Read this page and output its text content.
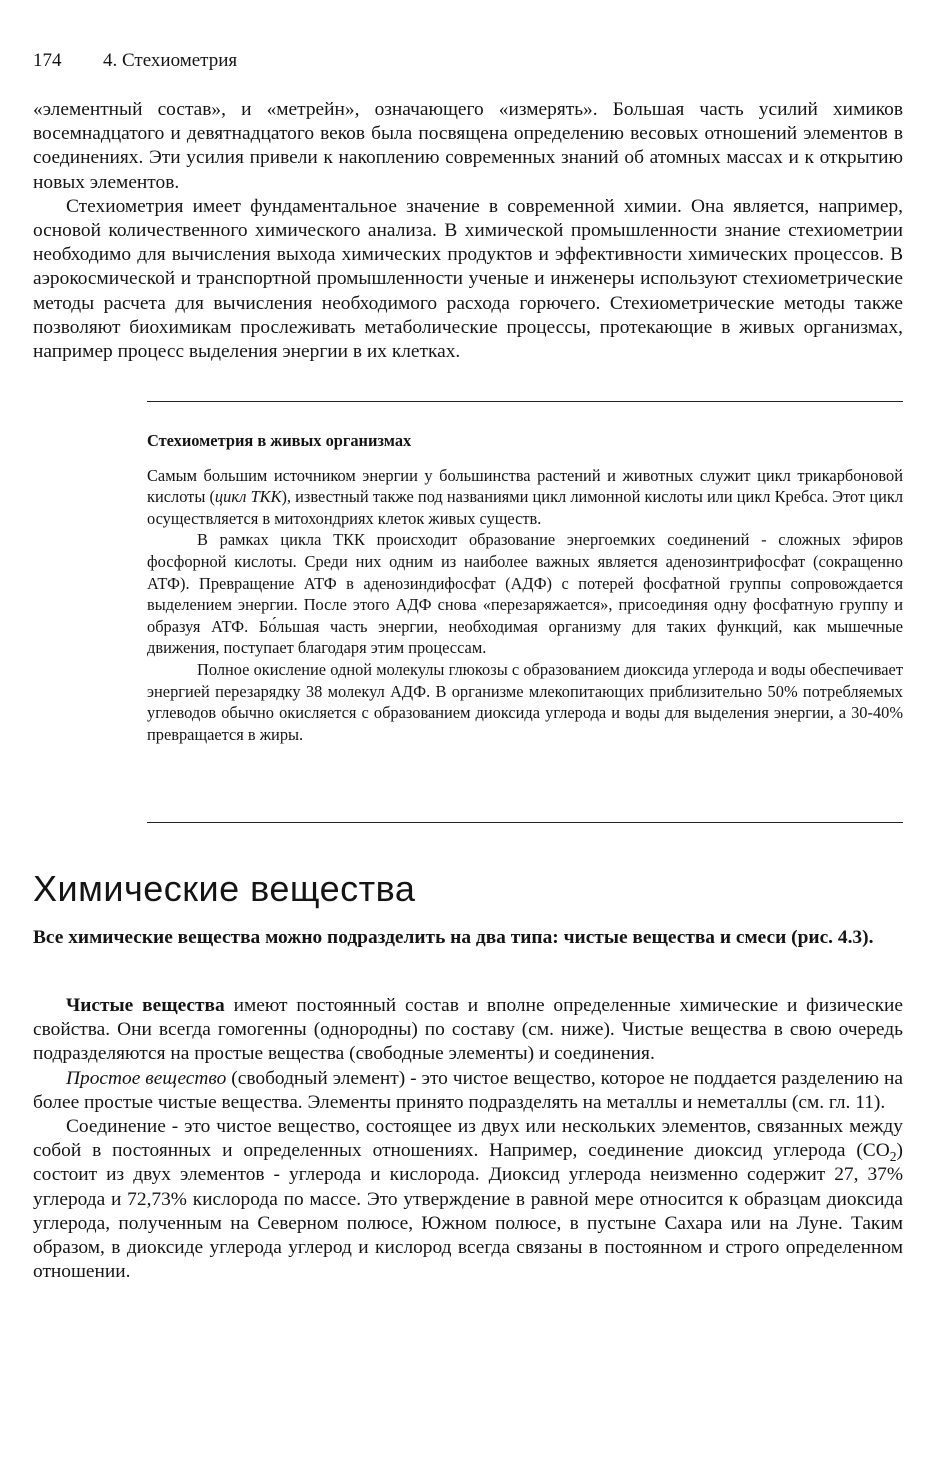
174 4. Стехиометрия

«элементный состав», и «метрейн», означающего «измерять». Большая часть усилий химиков восемнадцатого и девятнадцатого веков была посвящена определению весовых отношений элементов в соединениях. Эти усилия привели к накоплению современных знаний об атомных массах и к открытию новых элементов.

Стехиометрия имеет фундаментальное значение в современной химии. Она является, например, основой количественного химического анализа. В химической промышленности знание стехиометрии необходимо для вычисления выхода химических продуктов и эффективности химических процессов. В аэрокосмической и транспортной промышленности ученые и инженеры используют стехиометрические методы расчета для вычисления необходимого расхода горючего. Стехиометрические методы также позволяют биохимикам прослеживать метаболические процессы, протекающие в живых организмах, например процесс выделения энергии в их клетках.

Стехиометрия в живых организмах

Самым большим источником энергии у большинства растений и животных служит цикл трикарбоновой кислоты (цикл ТКК), известный также под названиями цикл лимонной кислоты или цикл Кребса. Этот цикл осуществляется в митохондриях клеток живых существ.

В рамках цикла ТКК происходит образование энергоемких соединений - сложных эфиров фосфорной кислоты. Среди них одним из наиболее важных является аденозинтрифосфат (сокращенно АТФ). Превращение АТФ в аденозиндифосфат (АДФ) с потерей фосфатной группы сопровождается выделением энергии. После этого АДФ снова «перезаряжается», присоединяя одну фосфатную группу и образуя АТФ. Бо́льшая часть энергии, необходимая организму для таких функций, как мышечные движения, поступает благодаря этим процессам.

Полное окисление одной молекулы глюкозы с образованием диоксида углерода и воды обеспечивает энергией перезарядку 38 молекул АДФ. В организме млекопитающих приблизительно 50% потребляемых углеводов обычно окисляется с образованием диоксида углерода и воды для выделения энергии, а 30-40% превращается в жиры.

Химические вещества

Все химические вещества можно подразделить на два типа: чистые вещества и смеси (рис. 4.3).

Чистые вещества имеют постоянный состав и вполне определенные химические и физические свойства. Они всегда гомогенны (однородны) по составу (см. ниже). Чистые вещества в свою очередь подразделяются на простые вещества (свободные элементы) и соединения.

Простое вещество (свободный элемент) - это чистое вещество, которое не поддается разделению на более простые чистые вещества. Элементы принято подразделять на металлы и неметаллы (см. гл. 11).

Соединение - это чистое вещество, состоящее из двух или нескольких элементов, связанных между собой в постоянных и определенных отношениях. Например, соединение диоксид углерода $(CO_2)$ состоит из двух элементов - углерода и кислорода. Диоксид углерода неизменно содержит 27, 37% углерода и 72,73% кислорода по массе. Это утверждение в равной мере относится к образцам диоксида углерода, полученным на Северном полюсе, Южном полюсе, в пустыне Сахара или на Луне. Таким образом, в диоксиде углерода углерод и кислород всегда связаны в постоянном и строго определенном отношении.
